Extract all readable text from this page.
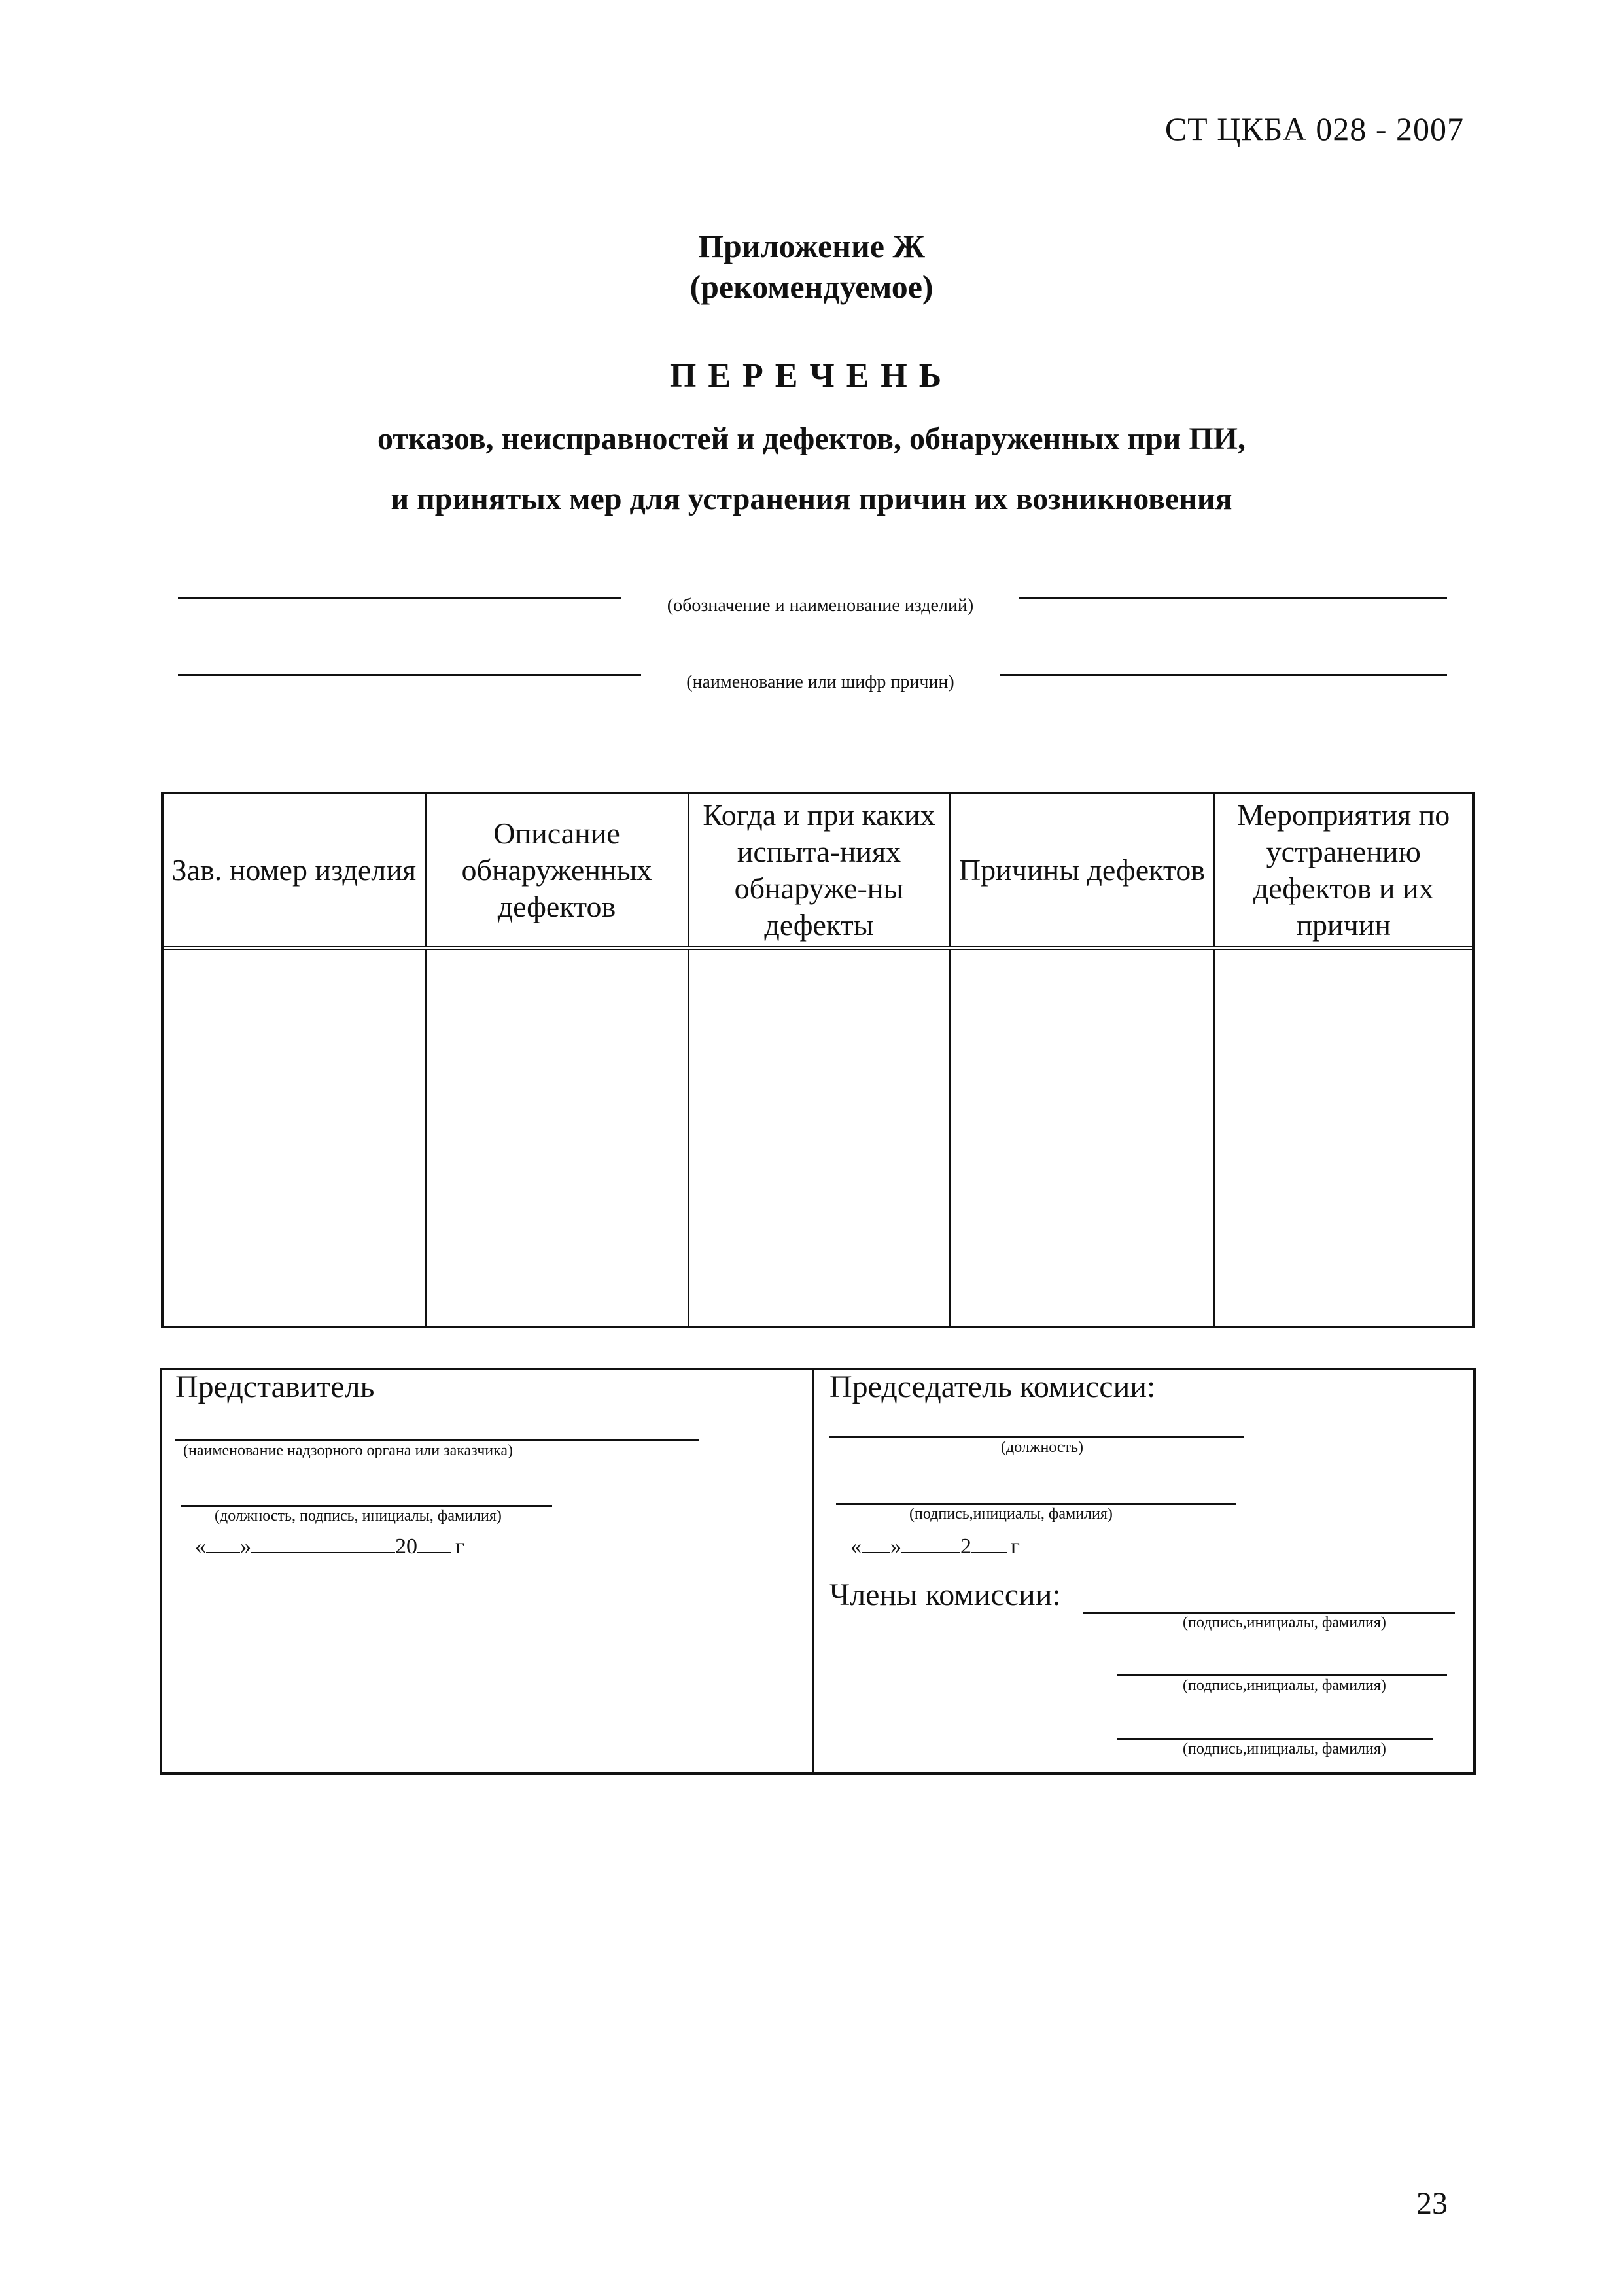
СТ ЦКБА 028 - 2007
Приложение Ж
(рекомендуемое)
ПЕРЕЧЕНЬ
отказов, неисправностей и дефектов, обнаруженных при ПИ,
и принятых мер для устранения причин их возникновения
(обозначение и наименование изделий)
(наименование или шифр причин)
Зав. номер изделия	Описание обнаруженных дефектов	Когда и при каких испыта-ниях обнаруже-ны дефекты	Причины дефектов	Мероприятия по устранению дефектов и их причин

Представитель
(наименование надзорного органа или заказчика)
(должность, подпись, инициалы, фамилия)
« »	20 г
Председатель комиссии:
(должность)
(подпись,инициалы, фамилия)
« »	2 г
Члены комиссии:
(подпись,инициалы, фамилия)
(подпись,инициалы, фамилия)
(подпись,инициалы, фамилия)
23
